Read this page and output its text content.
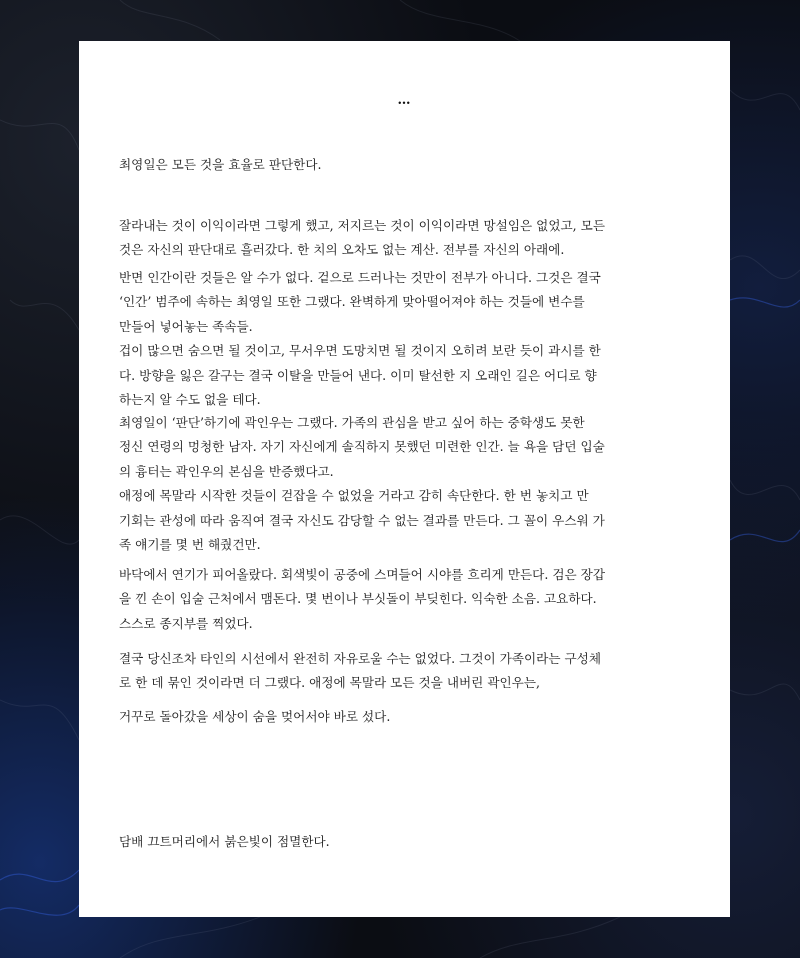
…
최영일은 모든 것을 효율로 판단한다.
잘라내는 것이 이익이라면 그렇게 했고, 저지르는 것이 이익이라면 망설임은 없었고, 모든
것은 자신의 판단대로 흘러갔다. 한 치의 오차도 없는 계산. 전부를 자신의 아래에.
반면 인간이란 것들은 알 수가 없다. 겉으로 드러나는 것만이 전부가 아니다. 그것은 결국
‘인간’ 범주에 속하는 최영일 또한 그랬다. 완벽하게 맞아떨어져야 하는 것들에 변수를
만들어 넣어놓는 족속들.
겁이 많으면 숨으면 될 것이고, 무서우면 도망치면 될 것이지 오히려 보란 듯이 과시를 한
다. 방향을 잃은 갈구는 결국 이탈을 만들어 낸다. 이미 탈선한 지 오래인 길은 어디로 향
하는지 알 수도 없을 테다.
최영일이 ‘판단’하기에 곽인우는 그랬다. 가족의 관심을 받고 싶어 하는 중학생도 못한
정신 연령의 멍청한 남자. 자기 자신에게 솔직하지 못했던 미련한 인간. 늘 욕을 담던 입술
의 흉터는 곽인우의 본심을 반증했다고.
애정에 목말라 시작한 것들이 걷잡을 수 없었을 거라고 감히 속단한다. 한 번 놓치고 만
기회는 관성에 따라 움직여 결국 자신도 감당할 수 없는 결과를 만든다. 그 꼴이 우스워 가
족 얘기를 몇 번 해줬건만.
바닥에서 연기가 피어올랐다. 회색빛이 공중에 스며들어 시야를 흐리게 만든다. 검은 장갑
을 낀 손이 입술 근처에서 맴돈다. 몇 번이나 부싯돌이 부딪힌다. 익숙한 소음. 고요하다.
스스로 종지부를 찍었다.
결국 당신조차 타인의 시선에서 완전히 자유로울 수는 없었다. 그것이 가족이라는 구성체
로 한 데 묶인 것이라면 더 그랬다. 애정에 목말라 모든 것을 내버린 곽인우는,
거꾸로 돌아갔을 세상이 숨을 멎어서야 바로 섰다.
담배 끄트머리에서 붉은빛이 점멸한다.
